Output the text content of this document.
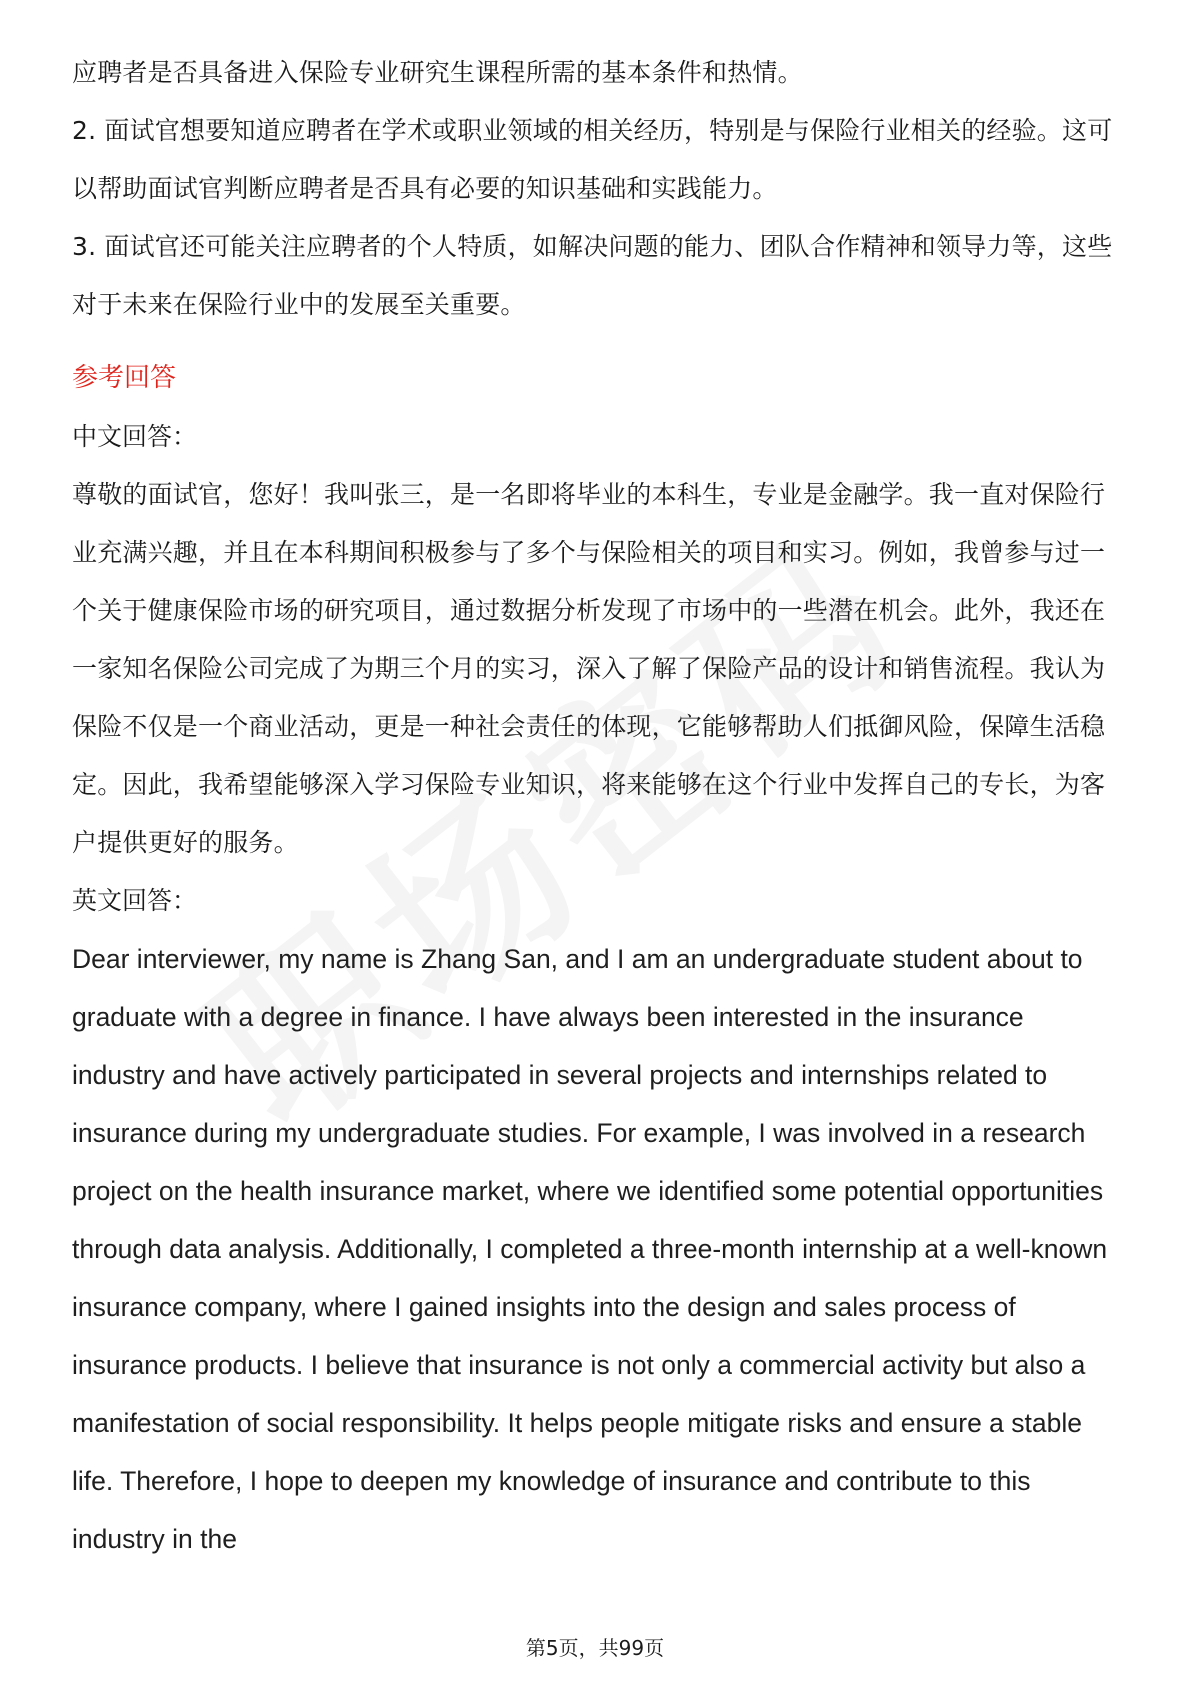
应聘者是否具备进入保险专业研究生课程所需的基本条件和热情。

2. 面试官想要知道应聘者在学术或职业领域的相关经历，特别是与保险行业相关的经验。这可以帮助面试官判断应聘者是否具有必要的知识基础和实践能力。

3. 面试官还可能关注应聘者的个人特质，如解决问题的能力、团队合作精神和领导力等，这些对于未来在保险行业中的发展至关重要。

参考回答

中文回答：

尊敬的面试官，您好！我叫张三，是一名即将毕业的本科生，专业是金融学。我一直对保险行业充满兴趣，并且在本科期间积极参与了多个与保险相关的项目和实习。例如，我曾参与过一个关于健康保险市场的研究项目，通过数据分析发现了市场中的一些潜在机会。此外，我还在一家知名保险公司完成了为期三个月的实习，深入了解了保险产品的设计和销售流程。我认为保险不仅是一个商业活动，更是一种社会责任的体现，它能够帮助人们抵御风险，保障生活稳定。因此，我希望能够深入学习保险专业知识，将来能够在这个行业中发挥自己的专长，为客户提供更好的服务。

英文回答：

Dear interviewer, my name is Zhang San, and I am an undergraduate student about to graduate with a degree in finance. I have always been interested in the insurance industry and have actively participated in several projects and internships related to insurance during my undergraduate studies. For example, I was involved in a research project on the health insurance market, where we identified some potential opportunities through data analysis. Additionally, I completed a three-month internship at a well-known insurance company, where I gained insights into the design and sales process of insurance products. I believe that insurance is not only a commercial activity but also a manifestation of social responsibility. It helps people mitigate risks and ensure a stable life. Therefore, I hope to deepen my knowledge of insurance and contribute to this industry in the

第5页，共99页
